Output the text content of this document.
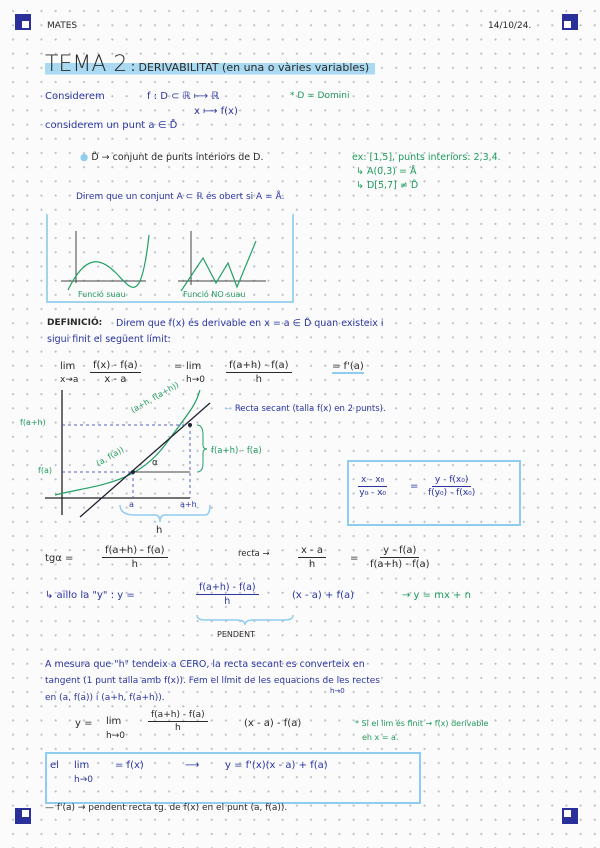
MATES	14/10/24.
TEMA 2 : DERIVABILITAT (en una o vàries variables)
Considerem	f : D ⊂ ℝ ⟼ ℝ	* D = Domini
x ⟼ f(x)
considerem un punt a ∈ D̊
● D̊ → conjunt de punts interiors de D.	ex: [1,5], punts interiors: 2,3,4.
↳ A(0,3) = Å
↳ D[5,7] ≠ D̊
Direm que un conjunt A ⊂ ℝ és obert si A = Å.
Funció suau	Funció NO suau
DEFINICIÓ: Direm que f(x) és derivable en x = a ∈ D̊ quan existeix i
sigui finit el següent límit:
lim
$x\to a \frac{f(x) - f(a)}{x - a}$	= lim
$h\to 0 \frac{f(a+h) - f(a)}{h}$	= f'(a)
f(a+h)
f(a)
a	a+h
h
(a, f(a))
(a+h, f(a+h))
α
f(a+h) - f(a)
→ Recta secant (talla f(x) en 2 punts).
$\frac{\text{x - x₀}}{\text{y₀ - x₀}} = \frac{\text{y - f(x₀)}}{\text{f(y₀) - f(x₀)}}$
tgα =	$\frac{f(a+h) - f(a)}{h}$	recta →	$\frac{x - a}{h} = \frac{y - f(a)}{f(a+h) - f(a)}$
↳ aïllo la "y" : y =	$\frac{f(a+h) - f(a)}{h}$	(x - a) + f(a)	→ y = mx + n
PENDENT
A mesura que "h" tendeix a CERO, la recta secant es converteix en
tangent (1 punt talla amb f(x)). Fem el límit de les equacions de les rectes
h→0
en (a, f(a)) i (a+h, f(a+h)).
y = lim
h→0
$\frac{f(a+h) - f(a)}{h}$	(x - a) - f(a)	* Si el lim és finit → f(x) derivable
en x = a.
el lim
h→0
= f(x)	⟶	y = f'(x)(x - a) + f(a)
— f'(a) → pendent recta tg. de f(x) en el punt (a, f(a)).
